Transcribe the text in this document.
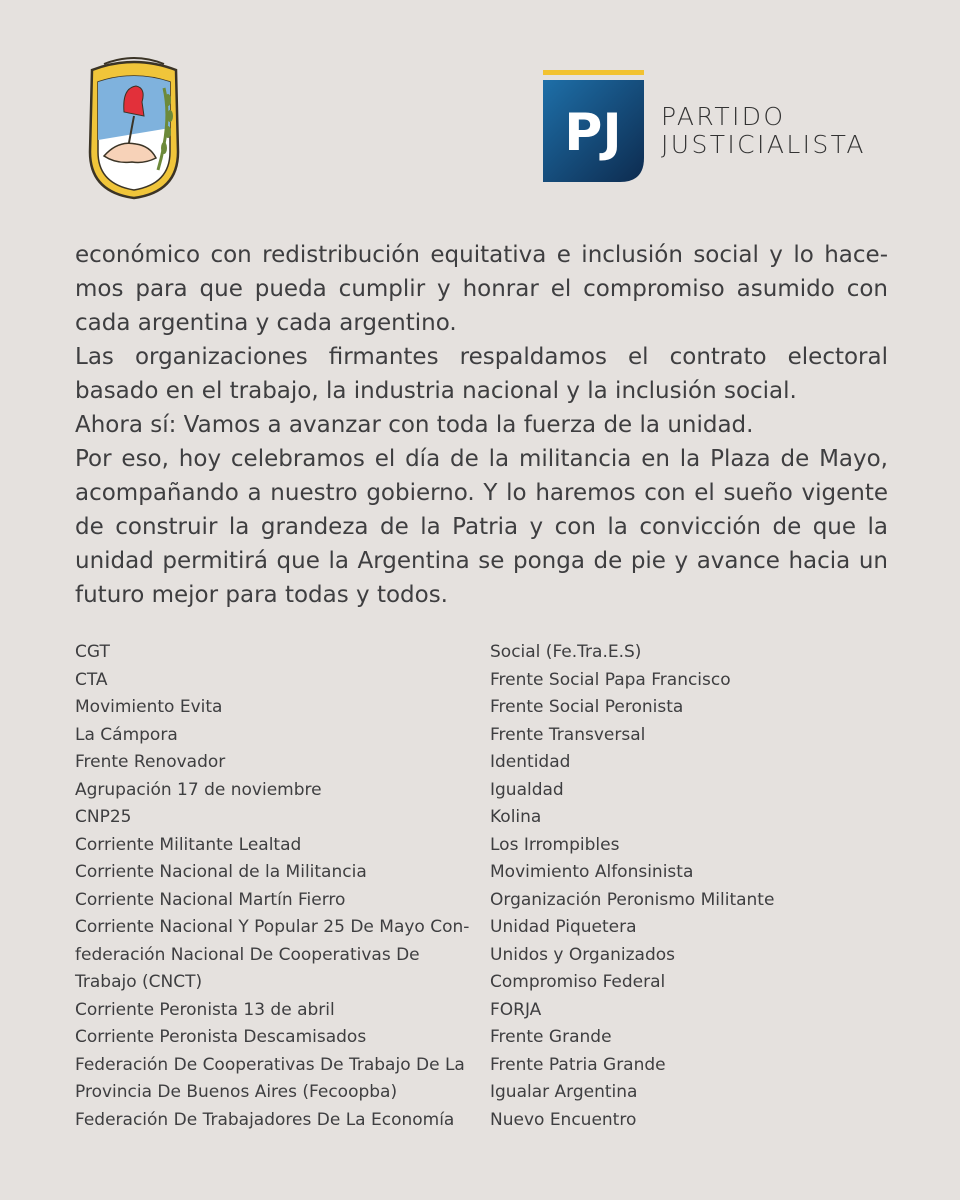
PJ PARTIDO
JUSTICIALISTA

económico con redistribución equitativa e inclusión social y lo hacemos para que pueda cumplir y honrar el compromiso asumido con cada argentina y cada argentino.

Las organizaciones firmantes respaldamos el contrato electoral basado en el trabajo, la industria nacional y la inclusión social.

Ahora sí: Vamos a avanzar con toda la fuerza de la unidad.

Por eso, hoy celebramos el día de la militancia en la Plaza de Mayo, acompañando a nuestro gobierno. Y lo haremos con el sueño vigente de construir la grandeza de la Patria y con la convicción de que la unidad permitirá que la Argentina se ponga de pie y avance hacia un futuro mejor para todas y todos.

CGT
CTA
Movimiento Evita
La Cámpora
Frente Renovador
Agrupación 17 de noviembre
CNP25
Corriente Militante Lealtad
Corriente Nacional de la Militancia
Corriente Nacional Martín Fierro
Corriente Nacional Y Popular 25 De Mayo Confederación Nacional De Cooperativas De Trabajo (CNCT)
Corriente Peronista 13 de abril
Corriente Peronista Descamisados
Federación De Cooperativas De Trabajo De La Provincia De Buenos Aires (Fecoopba)
Federación De Trabajadores De La Economía
Social (Fe.Tra.E.S)
Frente Social Papa Francisco
Frente Social Peronista
Frente Transversal
Identidad
Igualdad
Kolina
Los Irrompibles
Movimiento Alfonsinista
Organización Peronismo Militante
Unidad Piquetera
Unidos y Organizados
Compromiso Federal
FORJA
Frente Grande
Frente Patria Grande
Igualar Argentina
Nuevo Encuentro
